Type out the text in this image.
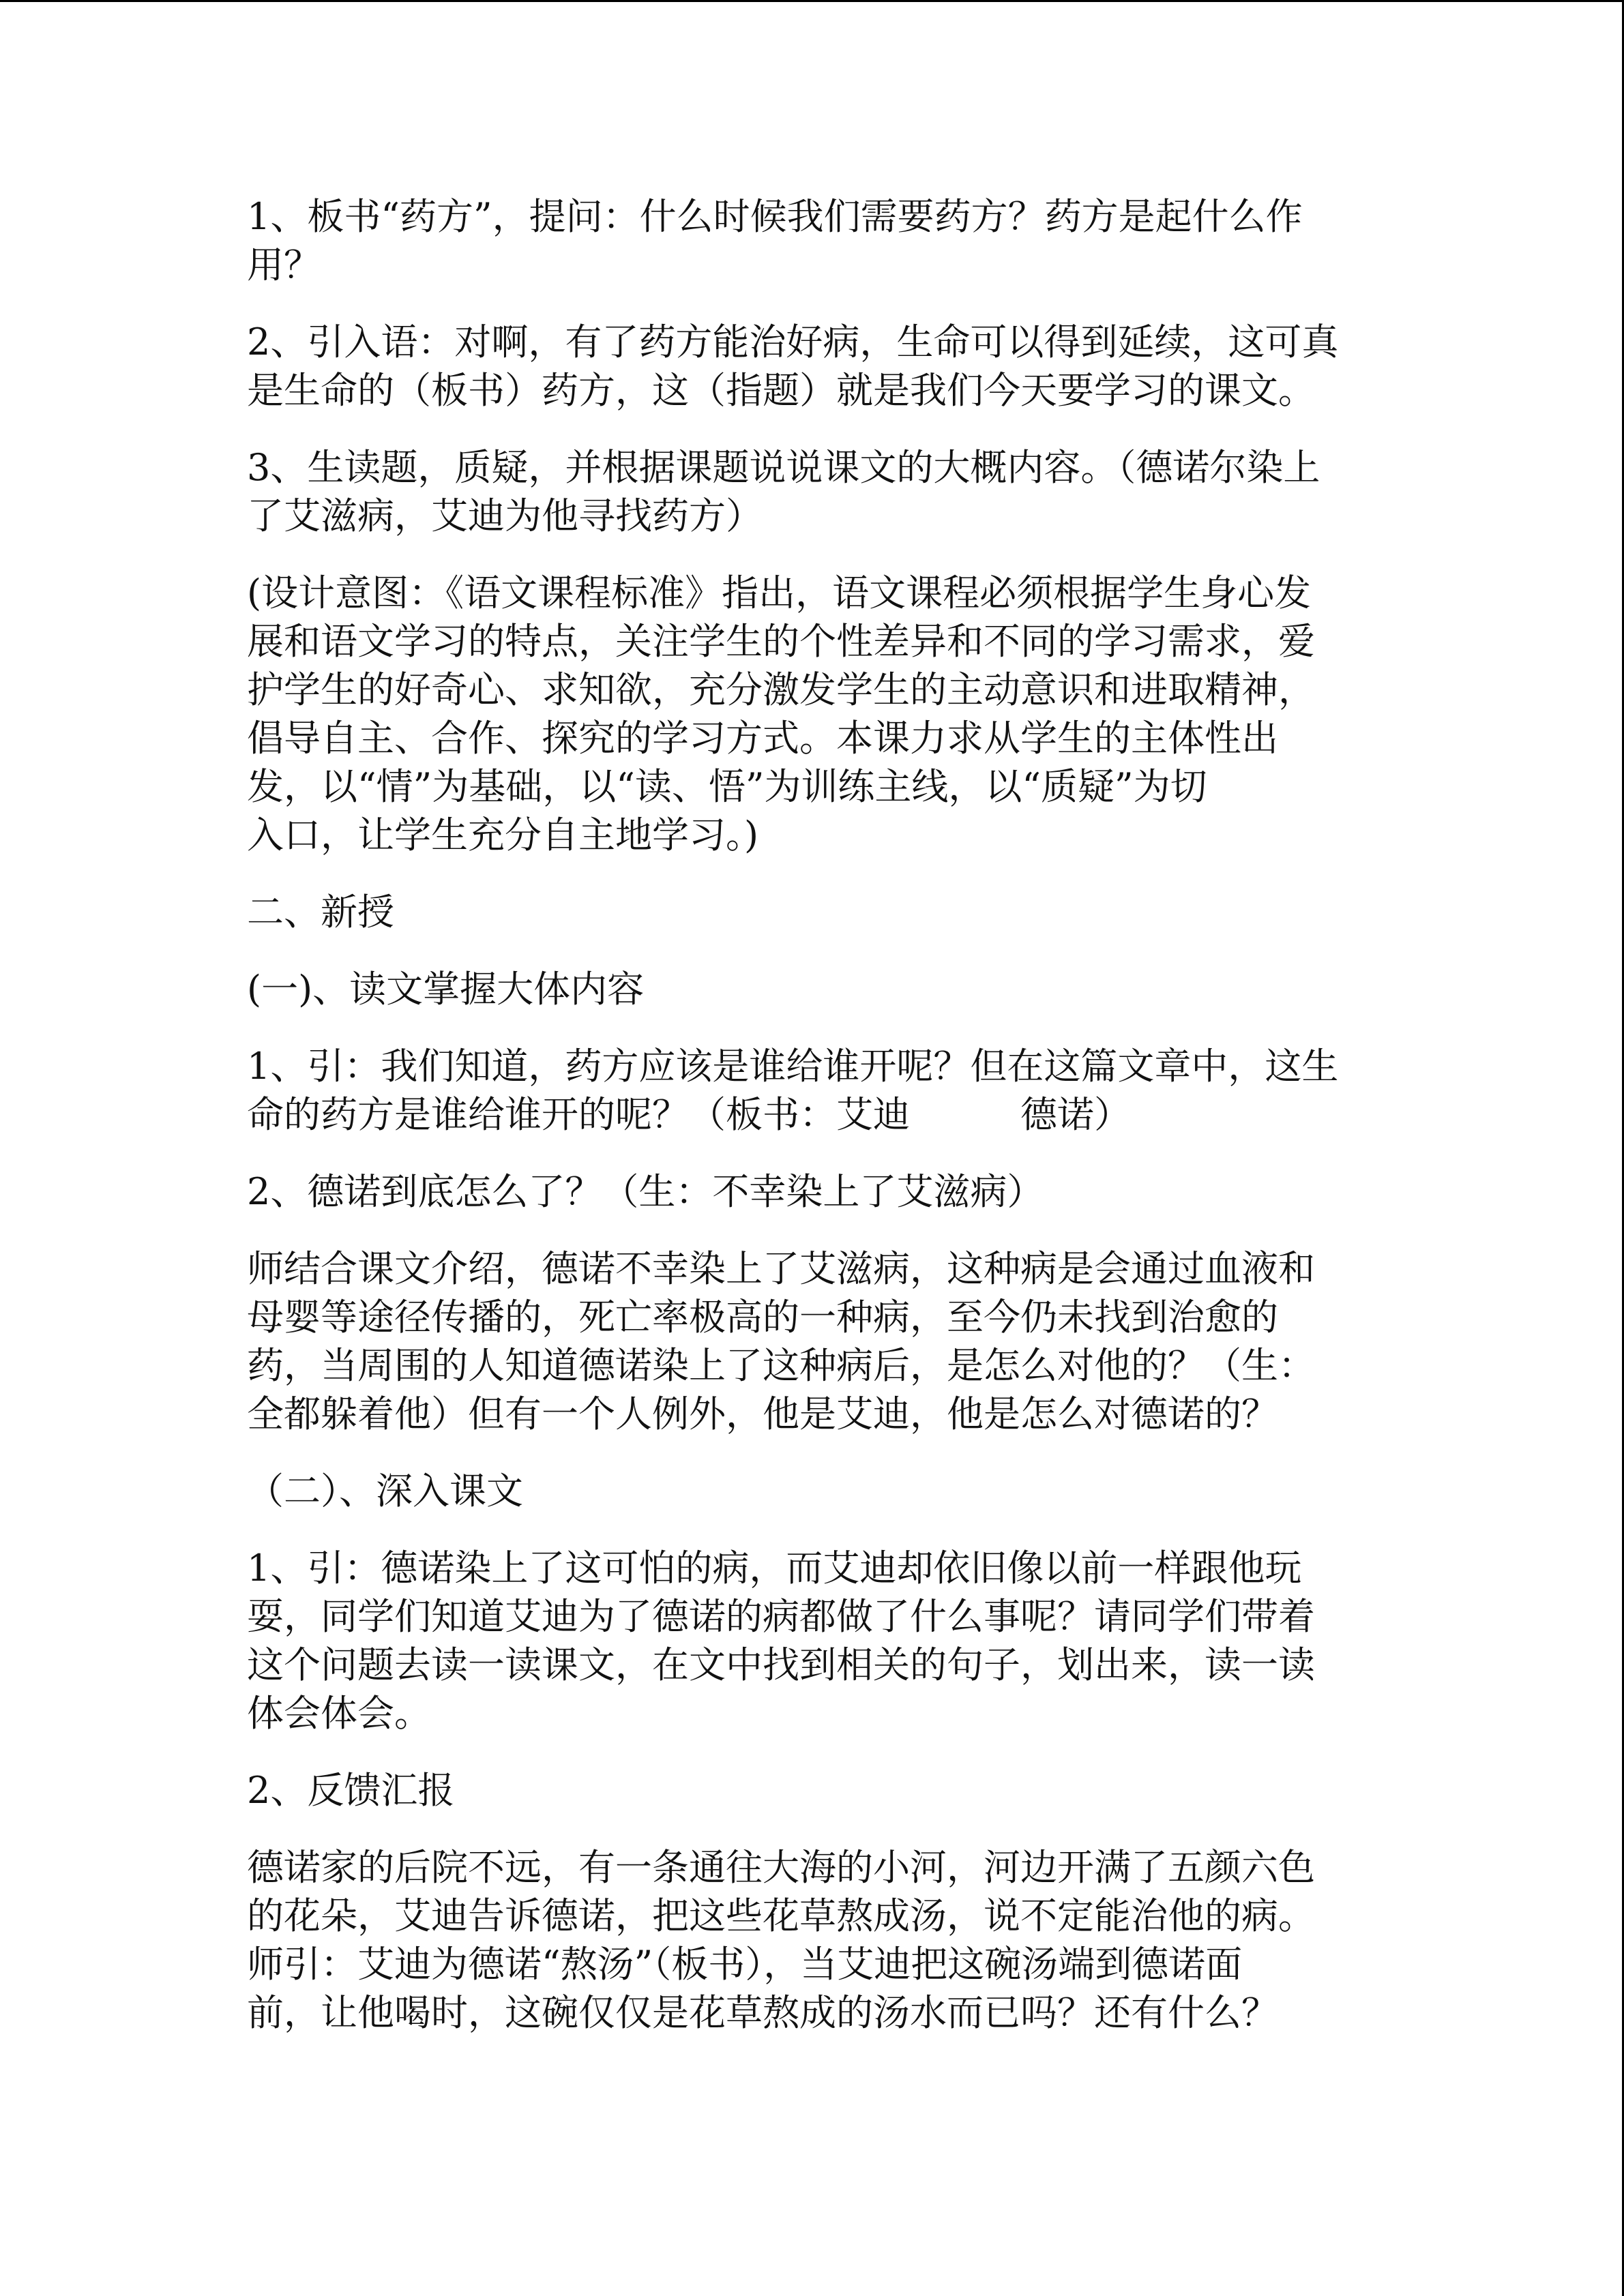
1、板书“药方”，提问：什么时候我们需要药方？药方是起什么作
用？

2、引入语：对啊，有了药方能治好病，生命可以得到延续，这可真
是生命的（板书）药方，这（指题）就是我们今天要学习的课文。

3、生读题，质疑，并根据课题说说课文的大概内容。（德诺尔染上
了艾滋病，艾迪为他寻找药方）

(设计意图：《语文课程标准》指出，语文课程必须根据学生身心发
展和语文学习的特点，关注学生的个性差异和不同的学习需求，爱
护学生的好奇心、求知欲，充分激发学生的主动意识和进取精神，
倡导自主、合作、探究的学习方式。本课力求从学生的主体性出
发，以“情”为基础，以“读、悟”为训练主线，以“质疑”为切
入口，让学生充分自主地学习。)

二、新授

(一)、读文掌握大体内容

1、引：我们知道，药方应该是谁给谁开呢？但在这篇文章中，这生
命的药方是谁给谁开的呢？（板书：艾迪　　　德诺）

2、德诺到底怎么了？（生：不幸染上了艾滋病）

师结合课文介绍，德诺不幸染上了艾滋病，这种病是会通过血液和
母婴等途径传播的，死亡率极高的一种病，至今仍未找到治愈的
药，当周围的人知道德诺染上了这种病后，是怎么对他的？（生：
全都躲着他）但有一个人例外，他是艾迪，他是怎么对德诺的？

（二）、深入课文

1、引：德诺染上了这可怕的病，而艾迪却依旧像以前一样跟他玩
耍，同学们知道艾迪为了德诺的病都做了什么事呢？请同学们带着
这个问题去读一读课文，在文中找到相关的句子，划出来，读一读
体会体会。

2、反馈汇报

德诺家的后院不远，有一条通往大海的小河，河边开满了五颜六色
的花朵，艾迪告诉德诺，把这些花草熬成汤，说不定能治他的病。
师引：艾迪为德诺“熬汤”（板书），当艾迪把这碗汤端到德诺面
前，让他喝时，这碗仅仅是花草熬成的汤水而已吗？还有什么？
